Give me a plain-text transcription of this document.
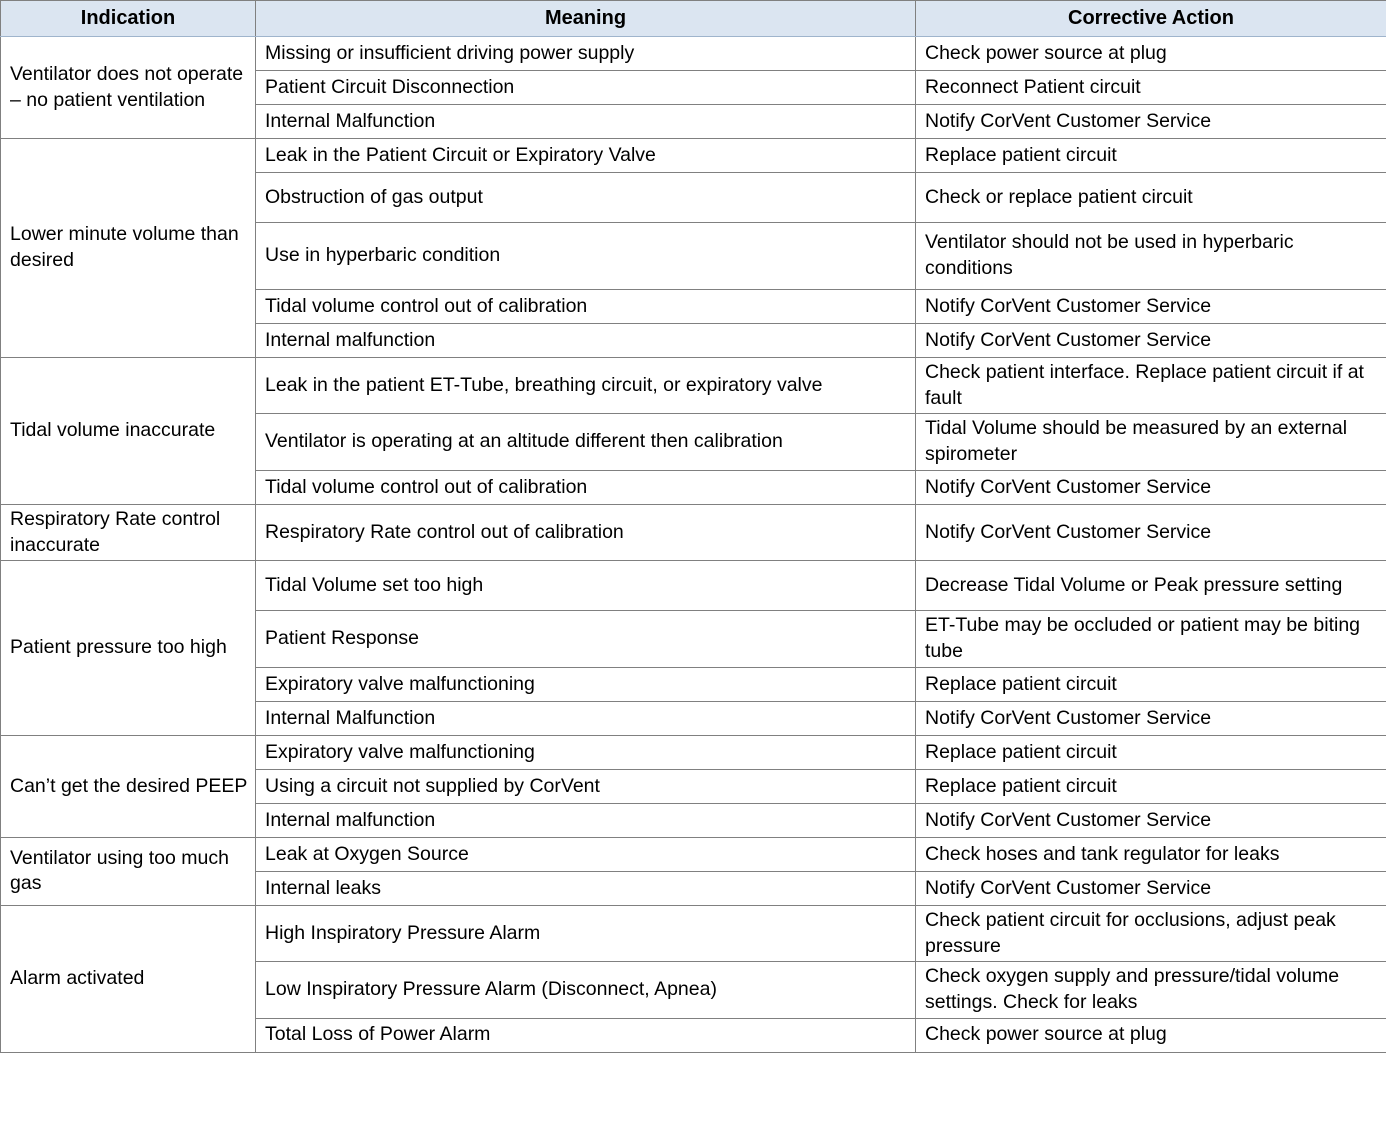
Indication	Meaning	Corrective Action
Ventilator does not operate – no patient ventilation	Missing or insufficient driving power supply	Check power source at plug
	Patient Circuit Disconnection	Reconnect Patient circuit
	Internal Malfunction	Notify CorVent Customer Service
Lower minute volume than desired	Leak in the Patient Circuit or Expiratory Valve	Replace patient circuit
	Obstruction of gas output	Check or replace patient circuit
	Use in hyperbaric condition	Ventilator should not be used in hyperbaric conditions
	Tidal volume control out of calibration	Notify CorVent Customer Service
	Internal malfunction	Notify CorVent Customer Service
Tidal volume inaccurate	Leak in the patient ET-Tube, breathing circuit, or expiratory valve	Check patient interface. Replace patient circuit if at fault
	Ventilator is operating at an altitude different then calibration	Tidal Volume should be measured by an external spirometer
	Tidal volume control out of calibration	Notify CorVent Customer Service
Respiratory Rate control inaccurate	Respiratory Rate control out of calibration	Notify CorVent Customer Service
Patient pressure too high	Tidal Volume set too high	Decrease Tidal Volume or Peak pressure setting
	Patient Response	ET-Tube may be occluded or patient may be biting tube
	Expiratory valve malfunctioning	Replace patient circuit
	Internal Malfunction	Notify CorVent Customer Service
Can’t get the desired PEEP	Expiratory valve malfunctioning	Replace patient circuit
	Using a circuit not supplied by CorVent	Replace patient circuit
	Internal malfunction	Notify CorVent Customer Service
Ventilator using too much gas	Leak at Oxygen Source	Check hoses and tank regulator for leaks
	Internal leaks	Notify CorVent Customer Service
Alarm activated	High Inspiratory Pressure Alarm	Check patient circuit for occlusions, adjust peak pressure
	Low Inspiratory Pressure Alarm (Disconnect, Apnea)	Check oxygen supply and pressure/tidal volume settings. Check for leaks
	Total Loss of Power Alarm	Check power source at plug
